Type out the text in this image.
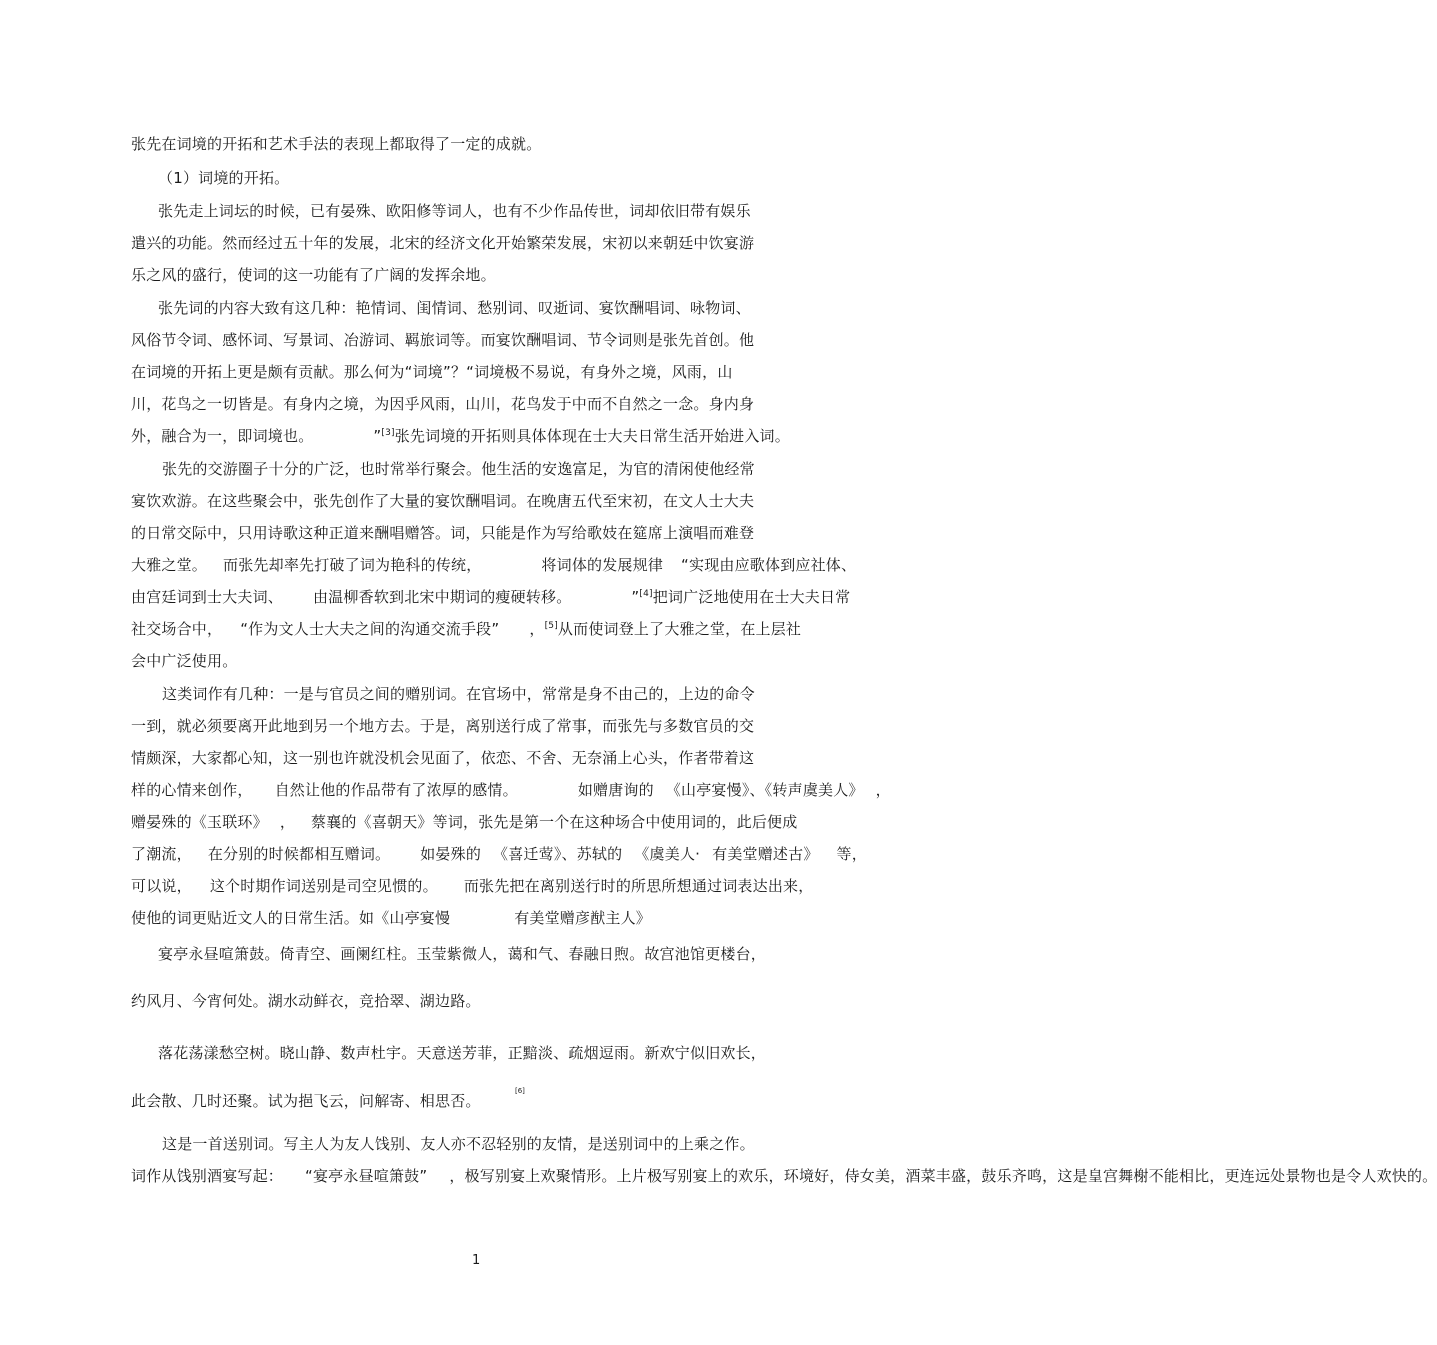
张先在词境的开拓和艺术手法的表现上都取得了一定的成就。

（1）词境的开拓。

张先走上词坛的时候，已有晏殊、欧阳修等词人，也有不少作品传世，词却依旧带有娱乐

遣兴的功能。然而经过五十年的发展，北宋的经济文化开始繁荣发展，宋初以来朝廷中饮宴游

乐之风的盛行，使词的这一功能有了广阔的发挥余地。

张先词的内容大致有这几种：艳情词、闺情词、愁别词、叹逝词、宴饮酬唱词、咏物词、

风俗节令词、感怀词、写景词、冶游词、羁旅词等。而宴饮酬唱词、节令词则是张先首创。他

在词境的开拓上更是颇有贡献。那么何为“词境”？“词境极不易说，有身外之境，风雨，山

川，花鸟之一切皆是。有身内之境，为因乎风雨，山川，花鸟发于中而不自然之一念。身内身

外，融合为一，即词境也。	”[3]张先词境的开拓则具体体现在士大夫日常生活开始进入词。

张先的交游圈子十分的广泛，也时常举行聚会。他生活的安逸富足，为官的清闲使他经常

宴饮欢游。在这些聚会中，张先创作了大量的宴饮酬唱词。在晚唐五代至宋初，在文人士大夫

的日常交际中，只用诗歌这种正道来酬唱赠答。词，只能是作为写给歌妓在筵席上演唱而难登

大雅之堂。 而张先却率先打破了词为艳科的传统，	将词体的发展规律 “实现由应歌体到应社体、

由宫廷词到士大夫词、 由温柳香软到北宋中期词的瘦硬转移。	”[4]把词广泛地使用在士大夫日常

社交场合中， “作为文人士大夫之间的沟通交流手段” ，[5]从而使词登上了大雅之堂，在上层社

会中广泛使用。

这类词作有几种：一是与官员之间的赠别词。在官场中，常常是身不由己的，上边的命令

一到，就必须要离开此地到另一个地方去。于是，离别送行成了常事，而张先与多数官员的交

情颇深，大家都心知，这一别也许就没机会见面了，依恋、不舍、无奈涌上心头，作者带着这

样的心情来创作， 自然让他的作品带有了浓厚的感情。	如赠唐询的 《山亭宴慢》、《转声虞美人》 ，

赠晏殊的《玉联环》 ， 蔡襄的《喜朝天》等词，张先是第一个在这种场合中使用词的，此后便成

了潮流， 在分别的时候都相互赠词。 如晏殊的 《喜迁莺》、苏轼的 《虞美人· 有美堂赠述古》 等，

可以说， 这个时期作词送别是司空见惯的。 而张先把在离别送行时的所思所想通过词表达出来，

使他的词更贴近文人的日常生活。如《山亭宴慢	有美堂赠彦猷主人》

宴亭永昼喧箫鼓。倚青空、画阑红柱。玉莹紫微人，蔼和气、春融日煦。故宫池馆更楼台，

约风月、今宵何处。湖水动鲜衣，竞拾翠、湖边路。

落花荡漾愁空树。晓山静、数声杜宇。天意送芳菲，正黯淡、疏烟逗雨。新欢宁似旧欢长，

此会散、几时还聚。试为挹飞云，问解寄、相思否。

[6]

这是一首送别词。写主人为友人饯别、友人亦不忍轻别的友情，是送别词中的上乘之作。

词作从饯别酒宴写起： “宴亭永昼喧箫鼓” ，极写别宴上欢聚情形。上片极写别宴上的欢乐，环境好，侍女美，酒菜丰盛，鼓乐齐鸣，这是皇宫舞榭不能相比，更连远处景物也是令人欢快的。

1
